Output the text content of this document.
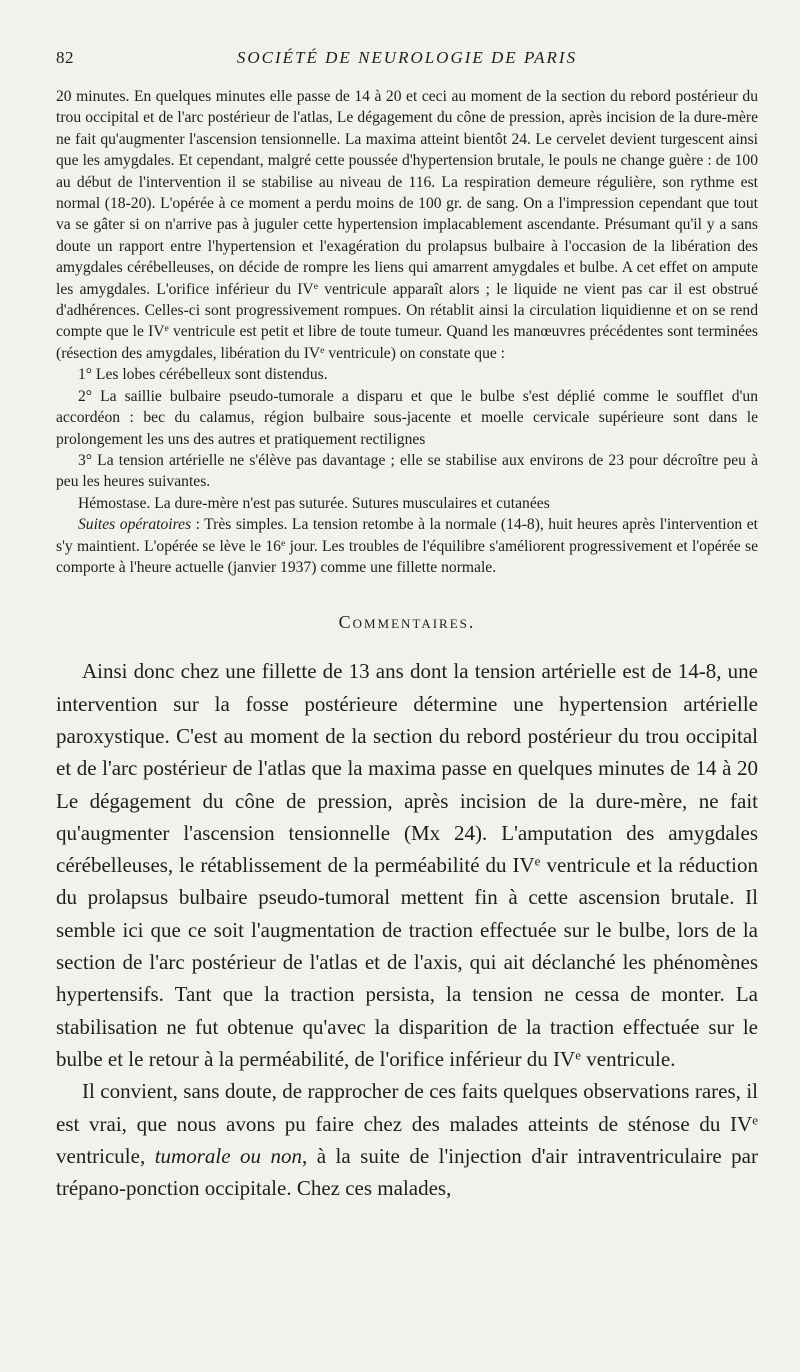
82	SOCIÉTÉ DE NEUROLOGIE DE PARIS

20 minutes. En quelques minutes elle passe de 14 à 20 et ceci au moment de la section du rebord postérieur du trou occipital et de l'arc postérieur de l'atlas, Le dégagement du cône de pression, après incision de la dure-mère ne fait qu'augmenter l'ascension tensionnelle. La maxima atteint bientôt 24. Le cervelet devient turgescent ainsi que les amygdales. Et cependant, malgré cette poussée d'hypertension brutale, le pouls ne change guère : de 100 au début de l'intervention il se stabilise au niveau de 116. La respiration demeure régulière, son rythme est normal (18-20). L'opérée à ce moment a perdu moins de 100 gr. de sang. On a l'impression cependant que tout va se gâter si on n'arrive pas à juguler cette hypertension implacablement ascendante. Présumant qu'il y a sans doute un rapport entre l'hypertension et l'exagération du prolapsus bulbaire à l'occasion de la libération des amygdales cérébelleuses, on décide de rompre les liens qui amarrent amygdales et bulbe. A cet effet on ampute les amygdales. L'orifice inférieur du IVe ventricule apparaît alors ; le liquide ne vient pas car il est obstrué d'adhérences. Celles-ci sont progressivement rompues. On rétablit ainsi la circulation liquidienne et on se rend compte que le IVe ventricule est petit et libre de toute tumeur. Quand les manœuvres précédentes sont terminées (résection des amygdales, libération du IVe ventricule) on constate que :

1° Les lobes cérébelleux sont distendus.

2° La saillie bulbaire pseudo-tumorale a disparu et que le bulbe s'est déplié comme le soufflet d'un accordéon : bec du calamus, région bulbaire sous-jacente et moelle cervicale supérieure sont dans le prolongement les uns des autres et pratiquement rectilignes

3° La tension artérielle ne s'élève pas davantage ; elle se stabilise aux environs de 23 pour décroître peu à peu les heures suivantes.

Hémostase. La dure-mère n'est pas suturée. Sutures musculaires et cutanées

Suites opératoires : Très simples. La tension retombe à la normale (14-8), huit heures après l'intervention et s'y maintient. L'opérée se lève le 16e jour. Les troubles de l'équilibre s'améliorent progressivement et l'opérée se comporte à l'heure actuelle (janvier 1937) comme une fillette normale.

Commentaires.

Ainsi donc chez une fillette de 13 ans dont la tension artérielle est de 14-8, une intervention sur la fosse postérieure détermine une hypertension artérielle paroxystique. C'est au moment de la section du rebord postérieur du trou occipital et de l'arc postérieur de l'atlas que la maxima passe en quelques minutes de 14 à 20 Le dégagement du cône de pression, après incision de la dure-mère, ne fait qu'augmenter l'ascension tensionnelle (Mx 24). L'amputation des amygdales cérébelleuses, le rétablissement de la perméabilité du IVe ventricule et la réduction du prolapsus bulbaire pseudo-tumoral mettent fin à cette ascension brutale. Il semble ici que ce soit l'augmentation de traction effectuée sur le bulbe, lors de la section de l'arc postérieur de l'atlas et de l'axis, qui ait déclanché les phénomènes hypertensifs. Tant que la traction persista, la tension ne cessa de monter. La stabilisation ne fut obtenue qu'avec la disparition de la traction effectuée sur le bulbe et le retour à la perméabilité, de l'orifice inférieur du IVe ventricule.

Il convient, sans doute, de rapprocher de ces faits quelques observations rares, il est vrai, que nous avons pu faire chez des malades atteints de sténose du IVe ventricule, tumorale ou non, à la suite de l'injection d'air intraventriculaire par trépano-ponction occipitale. Chez ces malades,
